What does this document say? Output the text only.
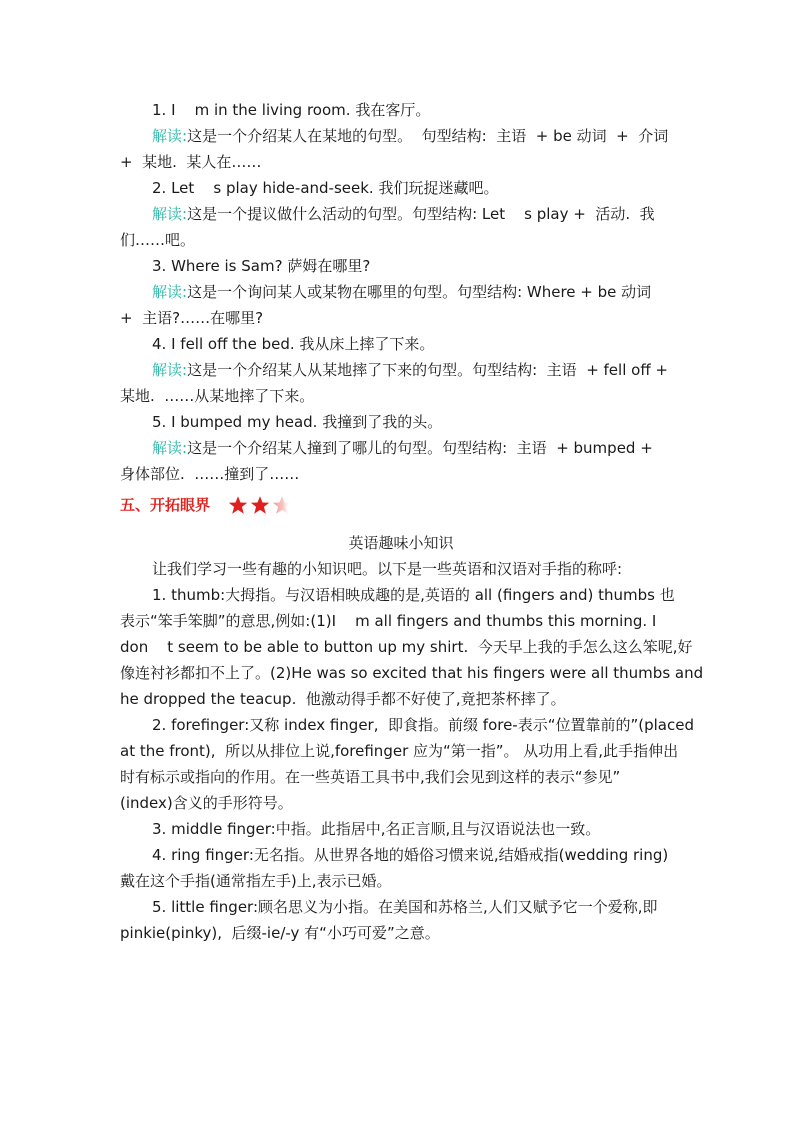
1. I    m in the living room. 我在客厅。
解读:这是一个介绍某人在某地的句型。  句型结构:  主语  + be 动词  +  介词
+  某地.  某人在……
2. Let    s play hide-and-seek. 我们玩捉迷藏吧。
解读:这是一个提议做什么活动的句型。句型结构: Let    s play +  活动.  我
们……吧。
3. Where is Sam? 萨姆在哪里?
解读:这是一个询问某人或某物在哪里的句型。句型结构: Where + be 动词
+  主语?……在哪里?
4. I fell off the bed. 我从床上摔了下来。
解读:这是一个介绍某人从某地摔了下来的句型。句型结构:  主语  + fell off +
某地.  ……从某地摔了下来。
5. I bumped my head. 我撞到了我的头。
解读:这是一个介绍某人撞到了哪儿的句型。句型结构:  主语  + bumped +
身体部位.  ……撞到了……
五、开拓眼界
英语趣味小知识
让我们学习一些有趣的小知识吧。以下是一些英语和汉语对手指的称呼:
1. thumb:大拇指。与汉语相映成趣的是,英语的 all (fingers and) thumbs 也
表示“笨手笨脚”的意思,例如:(1)I    m all fingers and thumbs this morning. I
don    t seem to be able to button up my shirt.  今天早上我的手怎么这么笨呢,好
像连衬衫都扣不上了。(2)He was so excited that his fingers were all thumbs and
he dropped the teacup.  他激动得手都不好使了,竟把茶杯摔了。
2. forefinger:又称 index finger,  即食指。前缀 fore-表示“位置靠前的”(placed
at the front),  所以从排位上说,forefinger 应为“第一指”。 从功用上看,此手指伸出
时有标示或指向的作用。在一些英语工具书中,我们会见到这样的表示“参见”
(index)含义的手形符号。
3. middle finger:中指。此指居中,名正言顺,且与汉语说法也一致。
4. ring finger:无名指。从世界各地的婚俗习惯来说,结婚戒指(wedding ring)
戴在这个手指(通常指左手)上,表示已婚。
5. little finger:顾名思义为小指。在美国和苏格兰,人们又赋予它一个爱称,即
pinkie(pinky),  后缀-ie/-y 有“小巧可爱”之意。
